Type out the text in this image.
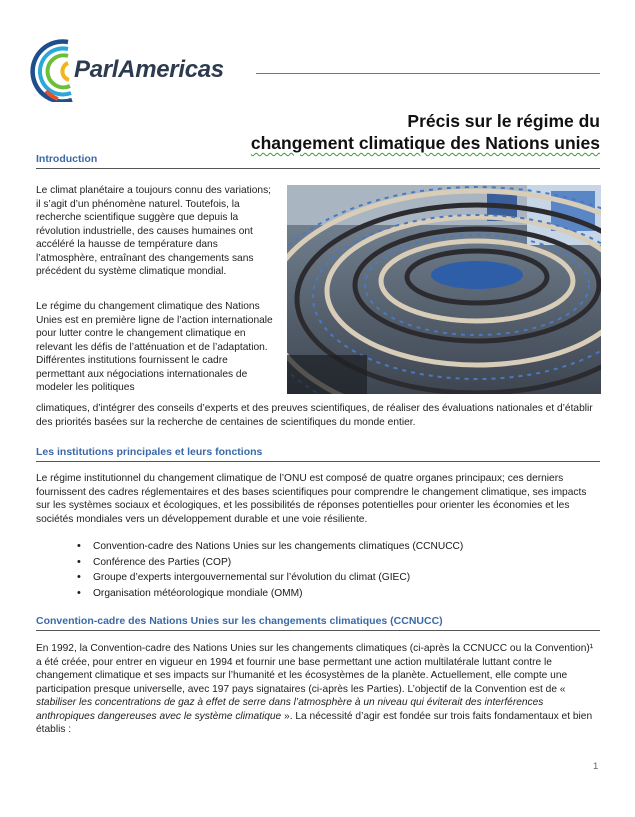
ParlAmericas
Précis sur le régime du
changement climatique des Nations unies
Introduction
Le climat planétaire a toujours connu des variations; il s’agit d’un phénomène naturel. Toutefois, la recherche scientifique suggère que depuis la révolution industrielle, des causes humaines ont accéléré la hausse de température dans l’atmosphère, entraînant des changements sans précédent du système climatique mondial.
Le régime du changement climatique des Nations Unies est en première ligne de l’action internationale pour lutter contre le changement climatique en relevant les défis de l’atténuation et de l’adaptation. Différentes institutions fournissent le cadre permettant aux négociations internationales de modeler les politiques
climatiques, d’intégrer des conseils d’experts et des preuves scientifiques, de réaliser des évaluations nationales et d’établir des priorités basées sur la recherche de centaines de scientifiques du monde entier.
Les institutions principales et leurs fonctions
Le régime institutionnel du changement climatique de l’ONU est composé de quatre organes principaux; ces derniers fournissent des cadres réglementaires et des bases scientifiques pour comprendre le changement climatique, ses impacts sur les systèmes sociaux et écologiques, et les possibilités de réponses potentielles pour orienter les économies et les sociétés mondiales vers un développement durable et une voie résiliente.
• Convention-cadre des Nations Unies sur les changements climatiques (CCNUCC)
• Conférence des Parties (COP)
• Groupe d’experts intergouvernemental sur l’évolution du climat (GIEC)
• Organisation météorologique mondiale (OMM)
Convention-cadre des Nations Unies sur les changements climatiques (CCNUCC)
En 1992, la Convention-cadre des Nations Unies sur les changements climatiques (ci-après la CCNUCC ou la Convention)¹ a été créée, pour entrer en vigueur en 1994 et fournir une base permettant une action multilatérale luttant contre le changement climatique et ses impacts sur l’humanité et les écosystèmes de la planète. Actuellement, elle compte une participation presque universelle, avec 197 pays signataires (ci-après les Parties). L’objectif de la Convention est de « stabiliser les concentrations de gaz à effet de serre dans l’atmosphère à un niveau qui éviterait des interférences anthropiques dangereuses avec le système climatique ». La nécessité d’agir est fondée sur trois faits fondamentaux et bien établis :
1
